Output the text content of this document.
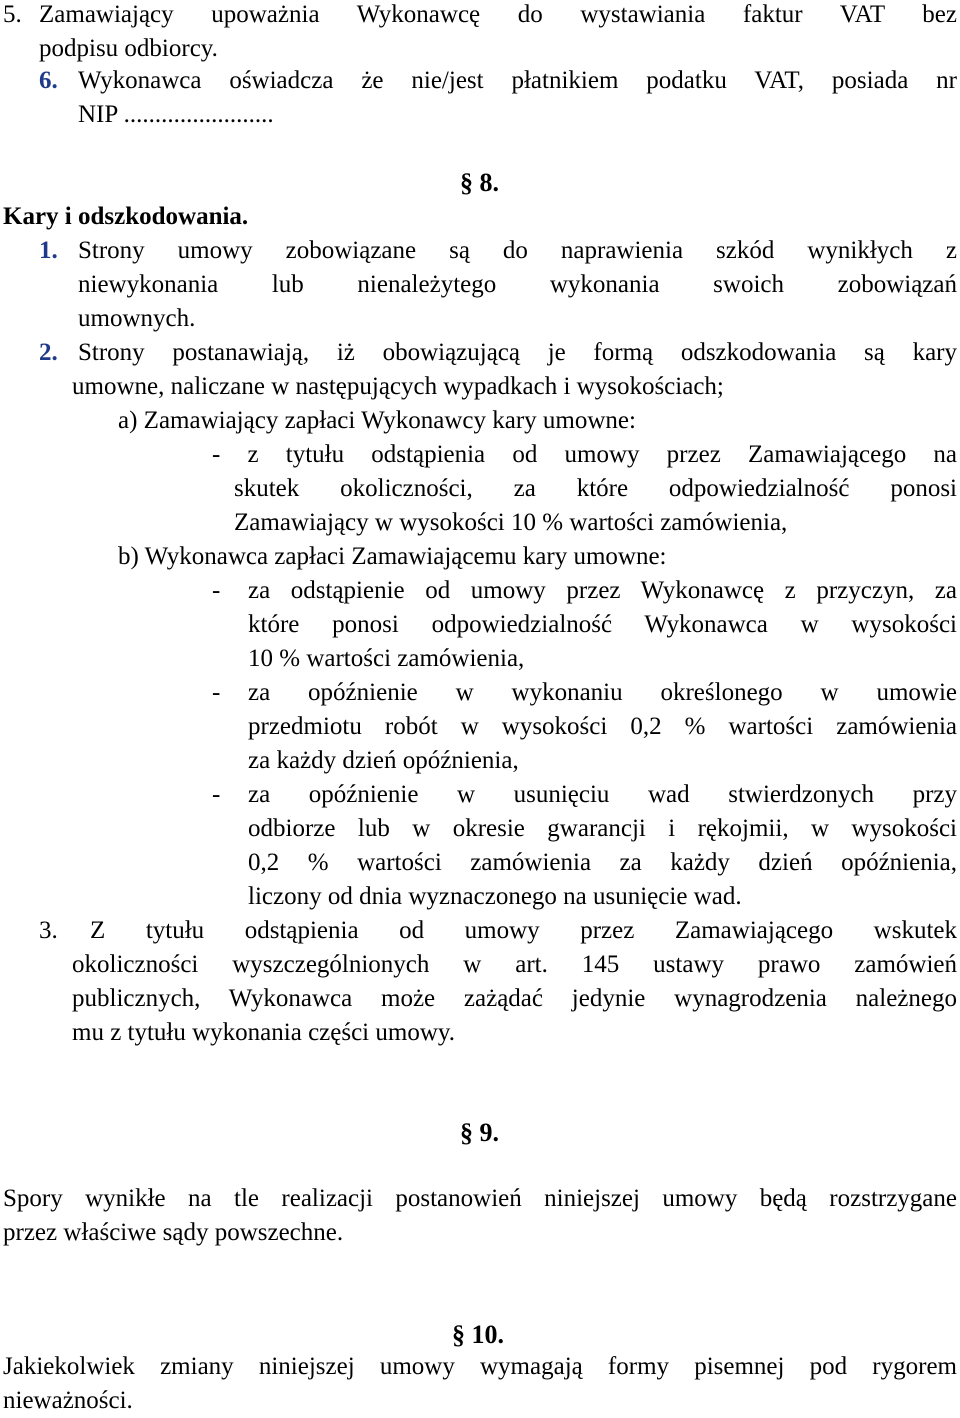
5. Zamawiający upoważnia Wykonawcę do wystawiania faktur VAT bez
podpisu odbiorcy.
6. Wykonawca oświadcza że nie/jest płatnikiem podatku VAT, posiada nr
NIP ........................
§ 8.
Kary i odszkodowania.
1. Strony umowy zobowiązane są do naprawienia szkód wynikłych z
niewykonania lub nienależytego wykonania swoich zobowiązań
umownych.
2. Strony postanawiają, iż obowiązującą je formą odszkodowania są kary
umowne, naliczane w następujących wypadkach i wysokościach;
a) Zamawiający zapłaci Wykonawcy kary umowne:
- z tytułu odstąpienia od umowy przez Zamawiającego na
skutek okoliczności, za które odpowiedzialność ponosi
Zamawiający w wysokości 10 % wartości zamówienia,
b) Wykonawca zapłaci Zamawiającemu kary umowne:
- za odstąpienie od umowy przez Wykonawcę z przyczyn, za
które ponosi odpowiedzialność Wykonawca w wysokości
10 % wartości zamówienia,
- za opóźnienie w wykonaniu określonego w umowie
przedmiotu robót w wysokości 0,2 % wartości zamówienia
za każdy dzień opóźnienia,
- za opóźnienie w usunięciu wad stwierdzonych przy
odbiorze lub w okresie gwarancji i rękojmii, w wysokości
0,2 % wartości zamówienia za każdy dzień opóźnienia,
liczony od dnia wyznaczonego na usunięcie wad.
3. Z tytułu odstąpienia od umowy przez Zamawiającego wskutek
okoliczności wyszczególnionych w art. 145 ustawy prawo zamówień
publicznych, Wykonawca może zażądać jedynie wynagrodzenia należnego
mu z tytułu wykonania części umowy.
§ 9.
Spory wynikłe na tle realizacji postanowień niniejszej umowy będą rozstrzygane
przez właściwe sądy powszechne.
§ 10.
Jakiekolwiek zmiany niniejszej umowy wymagają formy pisemnej pod rygorem
nieważności.
